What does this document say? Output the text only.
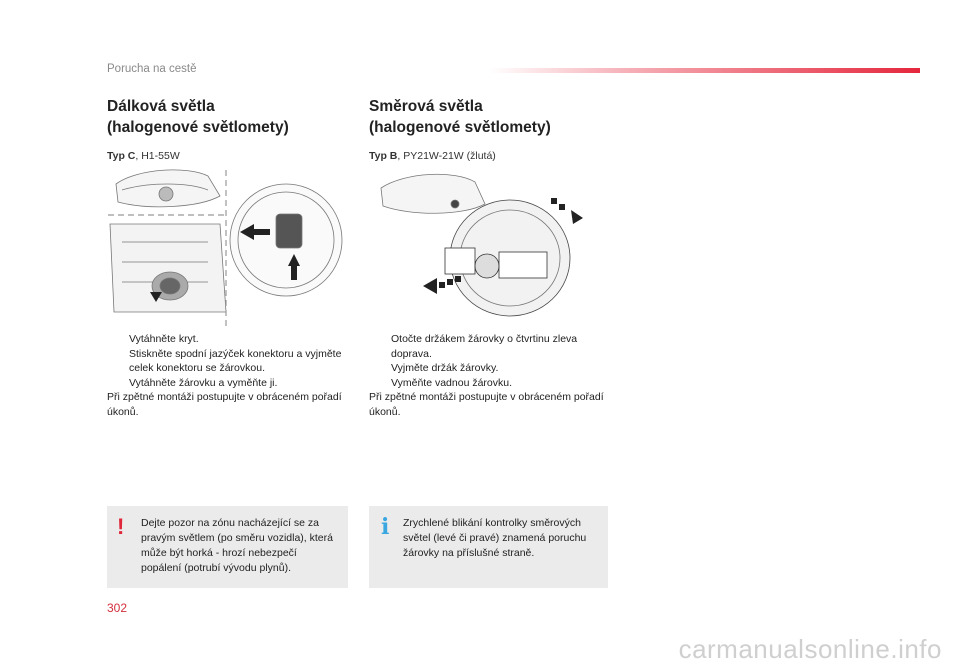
Porucha na cestě
Dálková světla
(halogenové světlomety)
Typ C, H1-55W
Vytáhněte kryt.
Stiskněte spodní jazýček konektoru a vyjměte celek konektoru se žárovkou.
Vytáhněte žárovku a vyměňte ji.
Při zpětné montáži postupujte v obráceném pořadí úkonů.
Směrová světla
(halogenové světlomety)
Typ B, PY21W-21W (žlutá)
Otočte držákem žárovky o čtvrtinu zleva doprava.
Vyjměte držák žárovky.
Vyměňte vadnou žárovku.
Při zpětné montáži postupujte v obráceném pořadí úkonů.
! Dejte pozor na zónu nacházející se za pravým světlem (po směru vozidla), která může být horká - hrozí nebezpečí popálení (potrubí vývodu plynů).
i Zrychlené blikání kontrolky směrových světel (levé či pravé) znamená poruchu žárovky na příslušné straně.
302
carmanualsonline.info
